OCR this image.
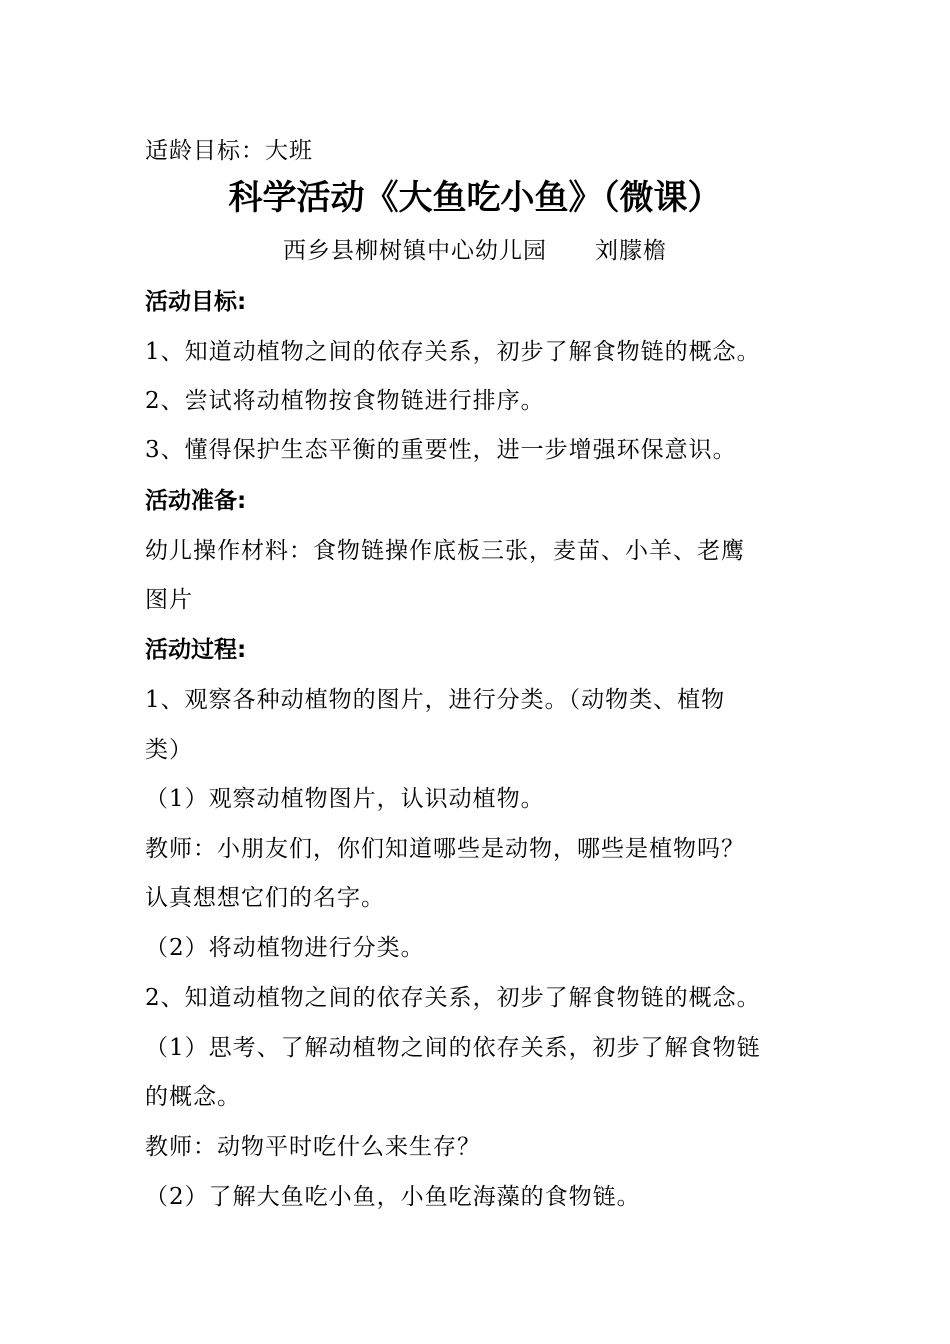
适龄目标：大班
科学活动《大鱼吃小鱼》（微课）
西乡县柳树镇中心幼儿园 刘朦檐
活动目标:
1、知道动植物之间的依存关系，初步了解食物链的概念。
2、尝试将动植物按食物链进行排序。
3、懂得保护生态平衡的重要性，进一步增强环保意识。
活动准备:
幼儿操作材料：食物链操作底板三张，麦苗、小羊、老鹰
图片
活动过程:
1、观察各种动植物的图片，进行分类。（动物类、植物
类）
（1）观察动植物图片，认识动植物。
教师：小朋友们，你们知道哪些是动物，哪些是植物吗？
认真想想它们的名字。
（2）将动植物进行分类。
2、知道动植物之间的依存关系，初步了解食物链的概念。
（1）思考、了解动植物之间的依存关系，初步了解食物链
的概念。
教师：动物平时吃什么来生存？
（2）了解大鱼吃小鱼，小鱼吃海藻的食物链。
